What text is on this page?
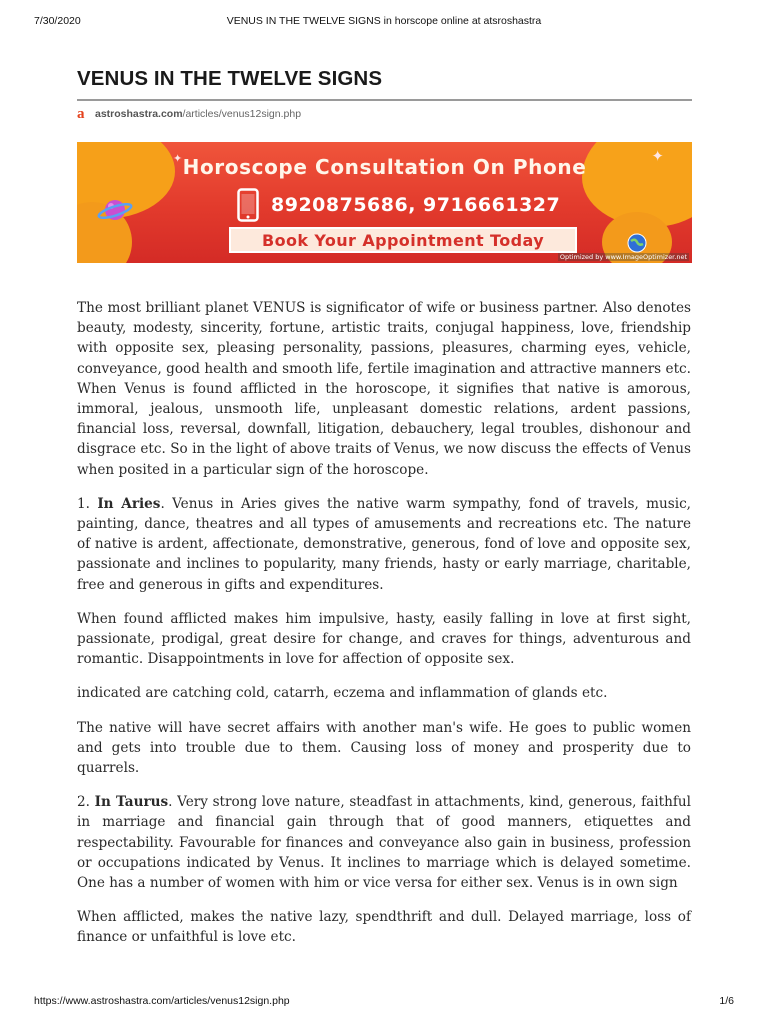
7/30/2020	VENUS IN THE TWELVE SIGNS in horscope online at atsroshastra
VENUS IN THE TWELVE SIGNS
a	astroshastra.com /articles/venus12sign.php
✦
✦ Horoscope Consultation On Phone
8920875686, 9716661327
Book Your Appointment Today
Optimized by www.ImageOptimizer.net

The most brilliant planet VENUS is significator of wife or business partner. Also denotes beauty, modesty, sincerity, fortune, artistic traits, conjugal happiness, love, friendship with opposite sex, pleasing personality, passions, pleasures, charming eyes, vehicle, conveyance, good health and smooth life, fertile imagination and attractive manners etc. When Venus is found afflicted in the horoscope, it signifies that native is amorous, immoral, jealous, unsmooth life, unpleasant domestic relations, ardent passions, financial loss, reversal, downfall, litigation, debauchery, legal troubles, dishonour and disgrace etc. So in the light of above traits of Venus, we now discuss the effects of Venus when posited in a particular sign of the horoscope.

1. In Aries. Venus in Aries gives the native warm sympathy, fond of travels, music, painting, dance, theatres and all types of amusements and recreations etc. The nature of native is ardent, affectionate, demonstrative, generous, fond of love and opposite sex, passionate and inclines to popularity, many friends, hasty or early marriage, charitable, free and generous in gifts and expenditures.

When found afflicted makes him impulsive, hasty, easily falling in love at first sight, passionate, prodigal, great desire for change, and craves for things, adventurous and romantic. Disappointments in love for affection of opposite sex.

indicated are catching cold, catarrh, eczema and inflammation of glands etc.

The native will have secret affairs with another man's wife. He goes to public women and gets into trouble due to them. Causing loss of money and prosperity due to quarrels.

2. In Taurus. Very strong love nature, steadfast in attachments, kind, generous, faithful in marriage and financial gain through that of good manners, etiquettes and respectability. Favourable for finances and conveyance also gain in business, profession or occupations indicated by Venus. It inclines to marriage which is delayed sometime. One has a number of women with him or vice versa for either sex. Venus is in own sign

When afflicted, makes the native lazy, spendthrift and dull. Delayed marriage, loss of finance or unfaithful is love etc.

https://www.astroshastra.com/articles/venus12sign.php	1/6
